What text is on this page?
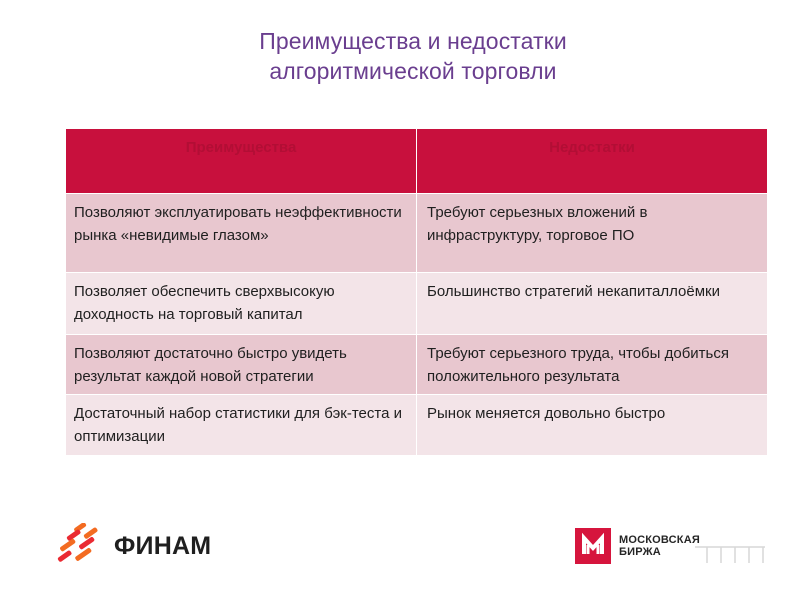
Преимущества и недостатки
алгоритмической торговли
Преимущества	Недостатки
Позволяют эксплуатировать неэффективности рынка «невидимые глазом»	Требуют серьезных вложений в инфраструктуру, торговое ПО
Позволяет обеспечить сверхвысокую доходность на торговый капитал	Большинство стратегий некапиталлоёмки
Позволяют достаточно быстро увидеть результат каждой новой стратегии	Требуют серьезного труда, чтобы добиться положительного результата
Достаточный набор статистики для бэк-теста и оптимизации	Рынок меняется довольно быстро
ФИНАМ	МОСКОВСКАЯ
БИРЖА
